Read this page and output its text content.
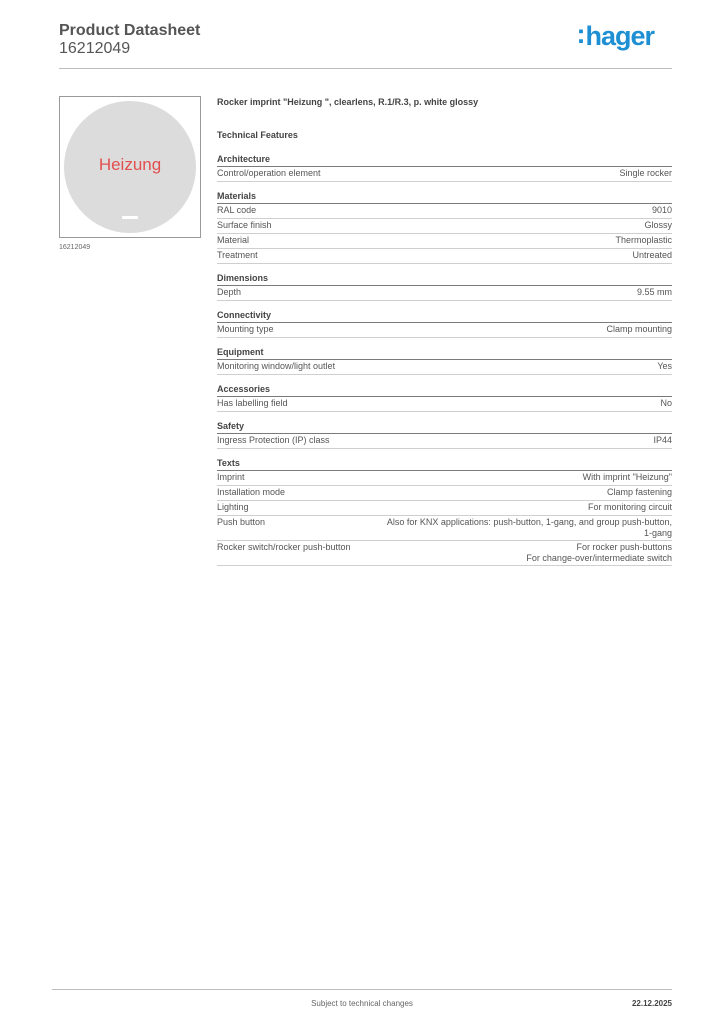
Product Datasheet
16212049	:hager
Heizung
16212049
Rocker imprint "Heizung ", clearlens, R.1/R.3, p. white glossy
Technical Features
Architecture
Control/operation element	Single rocker
Materials
RAL code	9010
Surface finish	Glossy
Material	Thermoplastic
Treatment	Untreated
Dimensions
Depth	9.55 mm
Connectivity
Mounting type	Clamp mounting
Equipment
Monitoring window/light outlet	Yes
Accessories
Has labelling field	No
Safety
Ingress Protection (IP) class	IP44
Texts
Imprint	With imprint "Heizung"
Installation mode	Clamp fastening
Lighting	For monitoring circuit
Push button	Also for KNX applications: push-button, 1-gang, and group push-button,
1-gang
Rocker switch/rocker push-button	For rocker push-buttons
For change-over/intermediate switch
Subject to technical changes	22.12.2025
